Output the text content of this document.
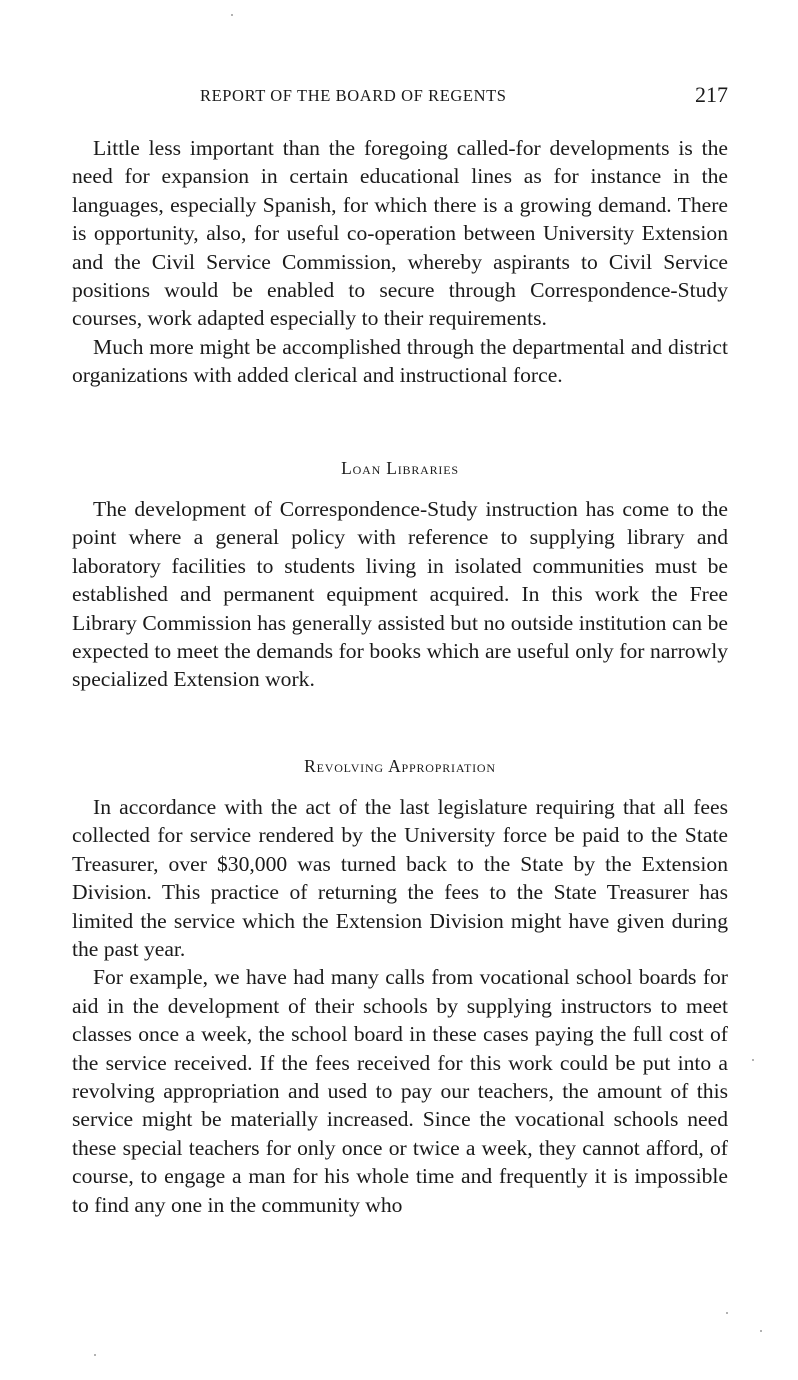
REPORT OF THE BOARD OF REGENTS	217

Little less important than the foregoing called-for developments is the need for expansion in certain educational lines as for instance in the languages, especially Spanish, for which there is a growing demand. There is opportunity, also, for useful co-operation between University Extension and the Civil Service Commission, whereby aspirants to Civil Service positions would be enabled to secure through Correspondence-Study courses, work adapted especially to their requirements.

Much more might be accomplished through the departmental and district organizations with added clerical and instructional force.

Loan Libraries

The development of Correspondence-Study instruction has come to the point where a general policy with reference to supplying library and laboratory facilities to students living in isolated communities must be established and permanent equipment acquired. In this work the Free Library Commission has generally assisted but no outside institution can be expected to meet the demands for books which are useful only for narrowly specialized Extension work.

Revolving Appropriation

In accordance with the act of the last legislature requiring that all fees collected for service rendered by the University force be paid to the State Treasurer, over $30,000 was turned back to the State by the Extension Division. This practice of returning the fees to the State Treasurer has limited the service which the Extension Division might have given during the past year.

For example, we have had many calls from vocational school boards for aid in the development of their schools by supplying instructors to meet classes once a week, the school board in these cases paying the full cost of the service received. If the fees received for this work could be put into a revolving appropriation and used to pay our teachers, the amount of this service might be materially increased. Since the vocational schools need these special teachers for only once or twice a week, they cannot afford, of course, to engage a man for his whole time and frequently it is impossible to find any one in the community who
